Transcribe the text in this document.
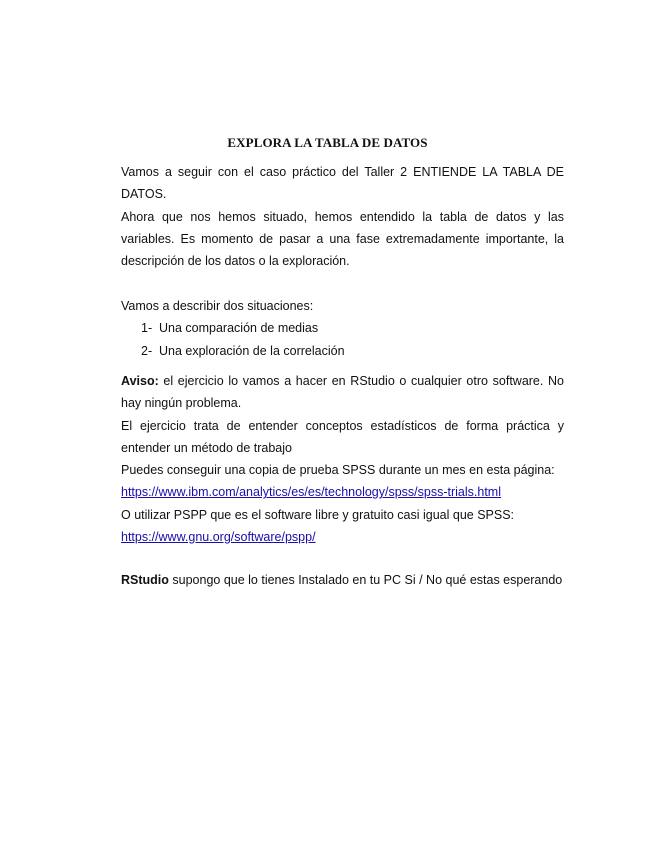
EXPLORA LA TABLA DE DATOS
Vamos a seguir con el caso práctico del Taller 2 ENTIENDE LA TABLA DE
DATOS.
Ahora que nos hemos situado, hemos entendido la tabla de datos y las
variables. Es momento de pasar a una fase extremadamente importante, la
descripción de los datos o la exploración.
Vamos a describir dos situaciones:
1- Una comparación de medias
2- Una exploración de la correlación
Aviso: el ejercicio lo vamos a hacer en RStudio o cualquier otro software. No
hay ningún problema.
El ejercicio trata de entender conceptos estadísticos de forma práctica y
entender un método de trabajo
Puedes conseguir una copia de prueba SPSS durante un mes en esta página:
https://www.ibm.com/analytics/es/es/technology/spss/spss-trials.html
O utilizar PSPP que es el software libre y gratuito casi igual que SPSS:
https://www.gnu.org/software/pspp/
RStudio supongo que lo tienes Instalado en tu PC Si / No qué estas esperando
